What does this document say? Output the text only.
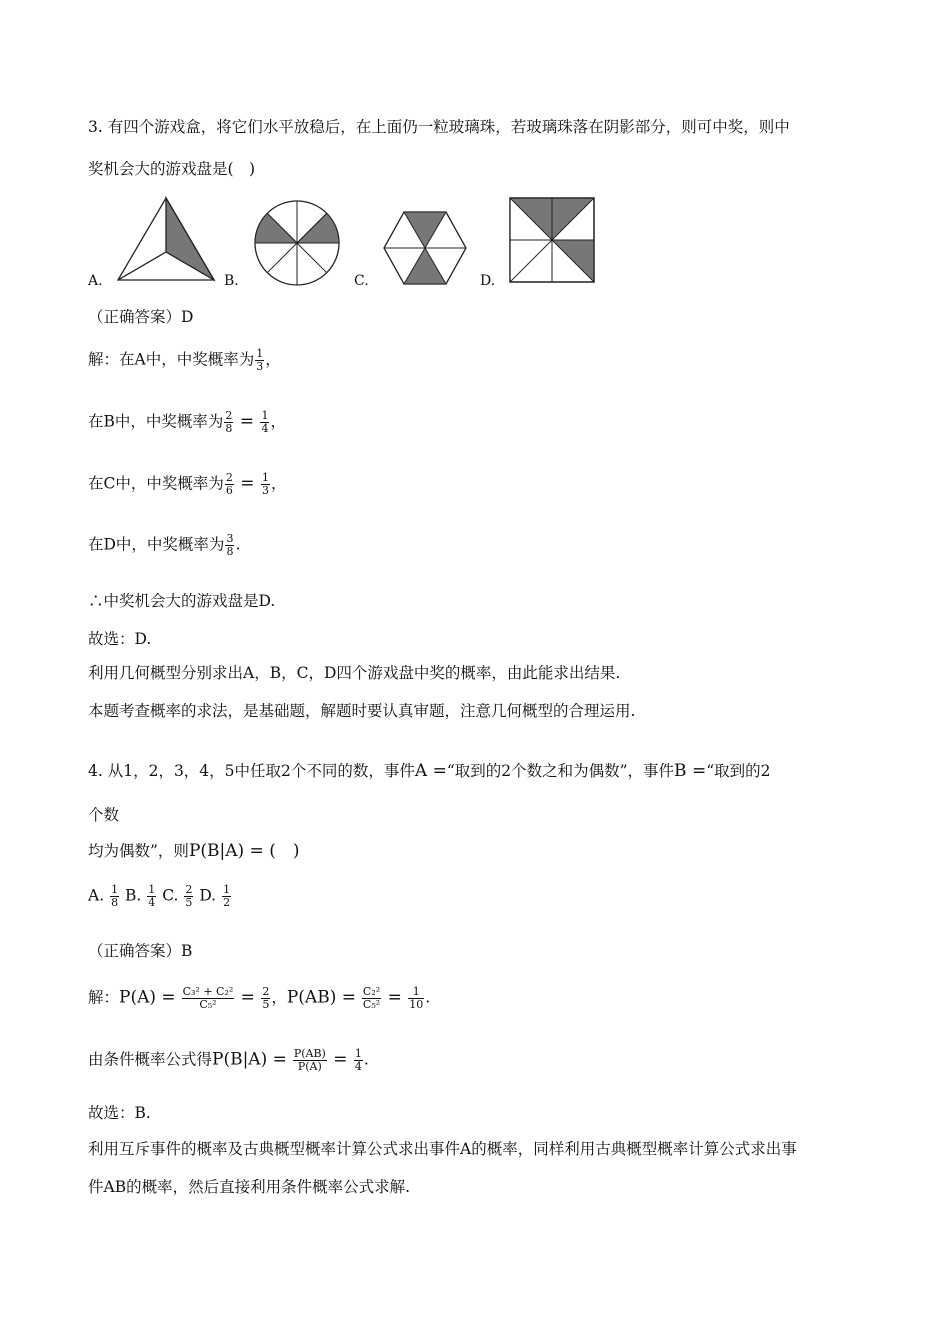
3. 有四个游戏盒，将它们水平放稳后，在上面仍一粒玻璃珠，若玻璃珠落在阴影部分，则可中奖，则中
奖机会大的游戏盘是(　)
A.	B.	C.	D.
（正确答案）D
解：在A中，中奖概率为 $\frac{1}{3}$ ，
在B中，中奖概率为 $\frac{2}{8} = \frac{1}{4}$ ，
在C中，中奖概率为 $\frac{2}{6} = \frac{1}{3}$ ，
在D中，中奖概率为 $\frac{3}{8}$ .
∴中奖机会大的游戏盘是D.
故选：D.
利用几何概型分别求出A，B，C，D四个游戏盘中奖的概率，由此能求出结果.
本题考查概率的求法，是基础题，解题时要认真审题，注意几何概型的合理运用.
4. 从1，2，3，4，5中任取2个不同的数，事件A =“取到的2个数之和为偶数”，事件B =“取到的2
个数
均为偶数”，则P(B|A) = (　)
A. $\frac{1}{8} B$. $\frac{1}{4} C$. $\frac{2}{5} D$. $\frac{1}{2}$
（正确答案）B
解：$P(A) = \frac{\text{C₃² + C₂²}}{\text{C₅²}} = \frac{2}{5}$ ，$P(AB) = \frac{\text{C₂²}}{\text{C₅²}} = \frac{1}{10}$ .
由条件概率公式得$P(B|A) = \frac{P(AB)}{P(A)} = \frac{1}{4}$ .
故选：B.
利用互斥事件的概率及古典概型概率计算公式求出事件A的概率，同样利用古典概型概率计算公式求出事
件AB的概率，然后直接利用条件概率公式求解.
